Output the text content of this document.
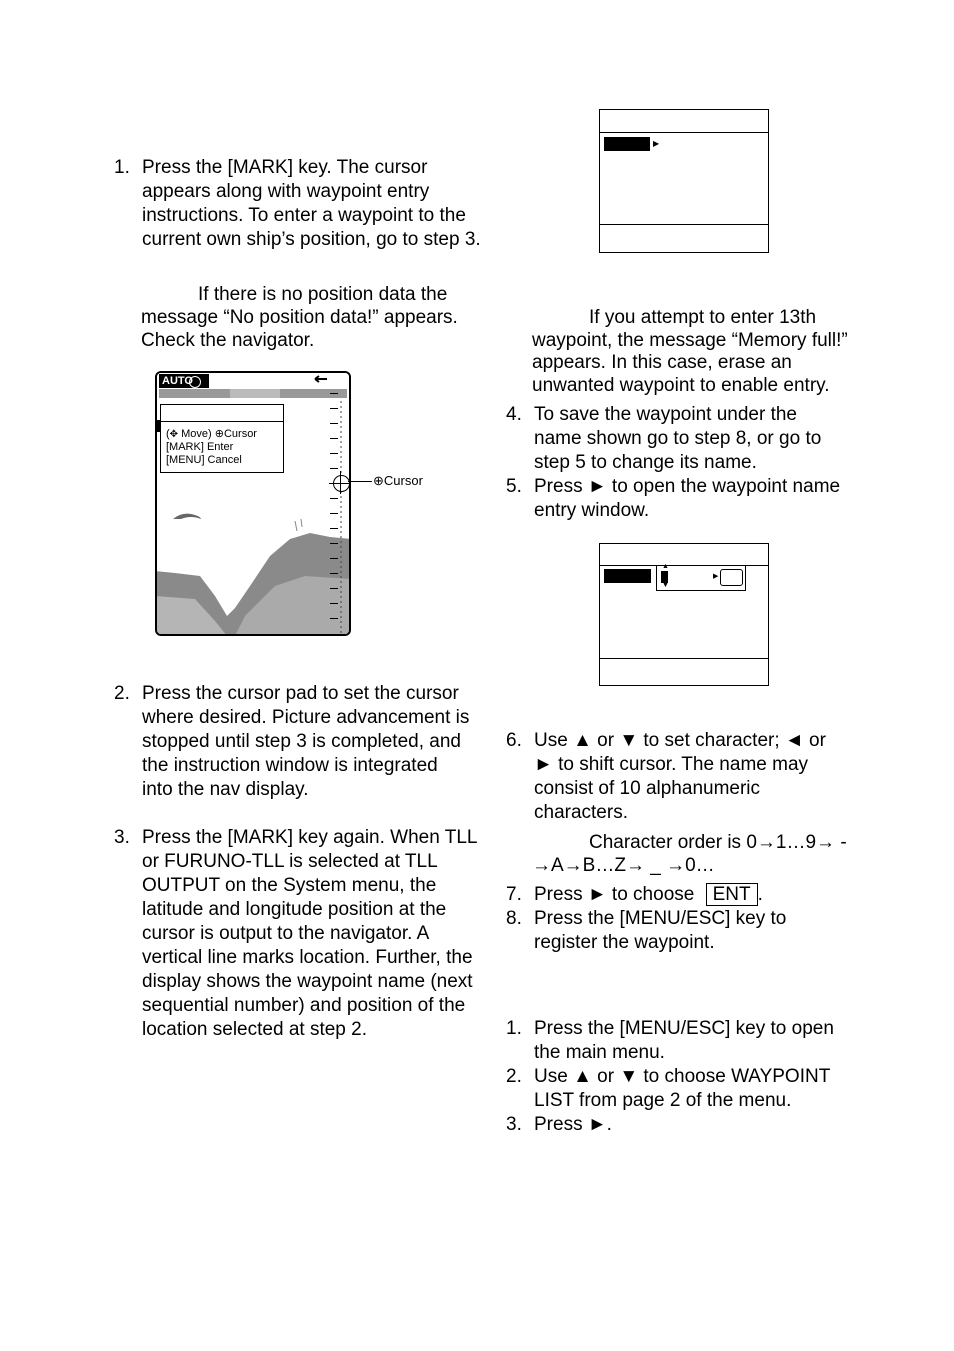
1. Press the [MARK] key. The cursor appears along with waypoint entry instructions. To enter a waypoint to the current own ship’s position, go to step 3.
If there is no position data the message “No position data!” appears. Check the navigator.
AUTO
(✥ Move) ⊕Cursor
[MARK] Enter
[MENU] Cancel
⊕Cursor
2. Press the cursor pad to set the cursor where desired. Picture advancement is stopped until step 3 is completed, and the instruction window is integrated into the nav display.
3. Press the [MARK] key again. When TLL or FURUNO-TLL is selected at TLL OUTPUT on the System menu, the latitude and longitude position at the cursor is output to the navigator. A vertical line marks location. Further, the display shows the waypoint name (next sequential number) and position of the location selected at step 2.
▶
If you attempt to enter 13th waypoint, the message “Memory full!” appears. In this case, erase an unwanted waypoint to enable entry.
4. To save the waypoint under the name shown go to step 8, or go to step 5 to change its name.
5. Press ► to open the waypoint name entry window.
▲
▼
▶
6. Use ▲ or ▼ to set character; ◄ or ► to shift cursor. The name may consist of 10 alphanumeric characters.
Character order is 0→1…9→ - →A→B…Z→ _ →0…
7. Press ► to choose ENT .
8. Press the [MENU/ESC] key to register the waypoint.
1. Press the [MENU/ESC] key to open the main menu.
2. Use ▲ or ▼ to choose WAYPOINT LIST from page 2 of the menu.
3. Press ►.
